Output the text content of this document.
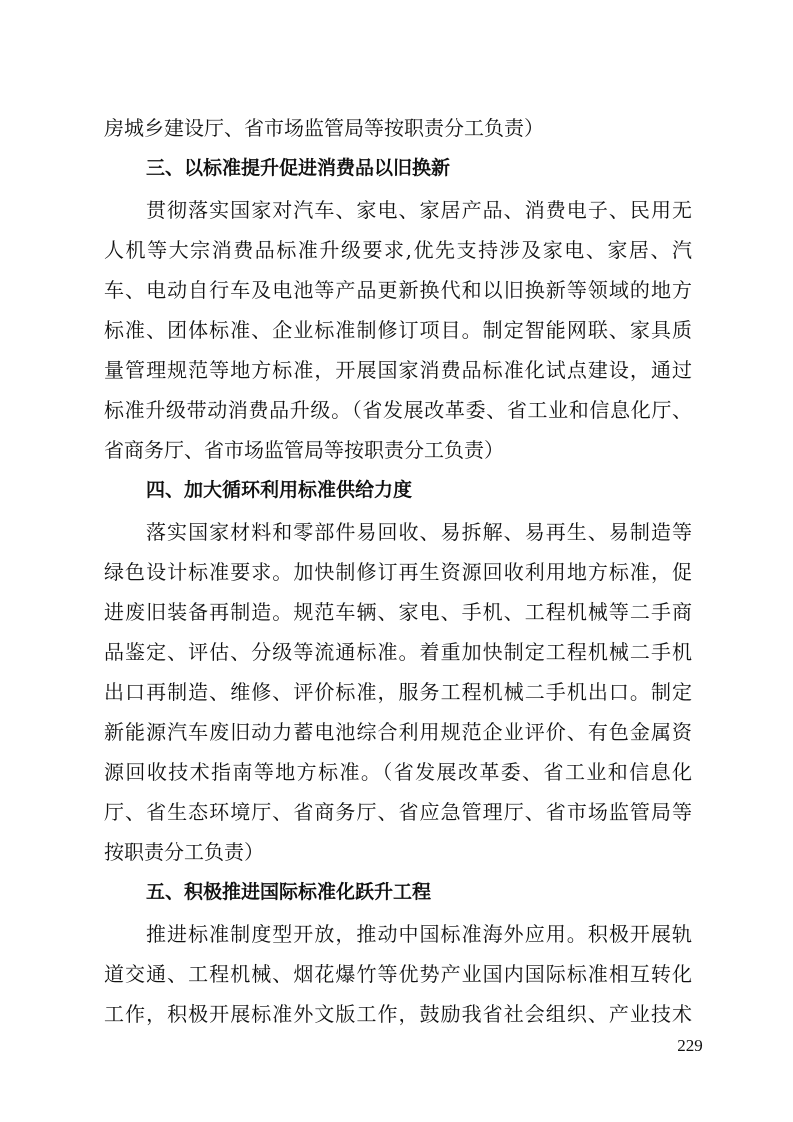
房城乡建设厅、省市场监管局等按职责分工负责）
三、以标准提升促进消费品以旧换新
贯彻落实国家对汽车、家电、家居产品、消费电子、民用无
人机等大宗消费品标准升级要求,优先支持涉及家电、家居、汽
车、电动自行车及电池等产品更新换代和以旧换新等领域的地方
标准、团体标准、企业标准制修订项目。制定智能网联、家具质
量管理规范等地方标准，开展国家消费品标准化试点建设，通过
标准升级带动消费品升级。（省发展改革委、省工业和信息化厅、
省商务厅、省市场监管局等按职责分工负责）
四、加大循环利用标准供给力度
落实国家材料和零部件易回收、易拆解、易再生、易制造等
绿色设计标准要求。加快制修订再生资源回收利用地方标准，促
进废旧装备再制造。规范车辆、家电、手机、工程机械等二手商
品鉴定、评估、分级等流通标准。着重加快制定工程机械二手机
出口再制造、维修、评价标准，服务工程机械二手机出口。制定
新能源汽车废旧动力蓄电池综合利用规范企业评价、有色金属资
源回收技术指南等地方标准。（省发展改革委、省工业和信息化
厅、省生态环境厅、省商务厅、省应急管理厅、省市场监管局等
按职责分工负责）
五、积极推进国际标准化跃升工程
推进标准制度型开放，推动中国标准海外应用。积极开展轨
道交通、工程机械、烟花爆竹等优势产业国内国际标准相互转化
工作，积极开展标准外文版工作，鼓励我省社会组织、产业技术
229
